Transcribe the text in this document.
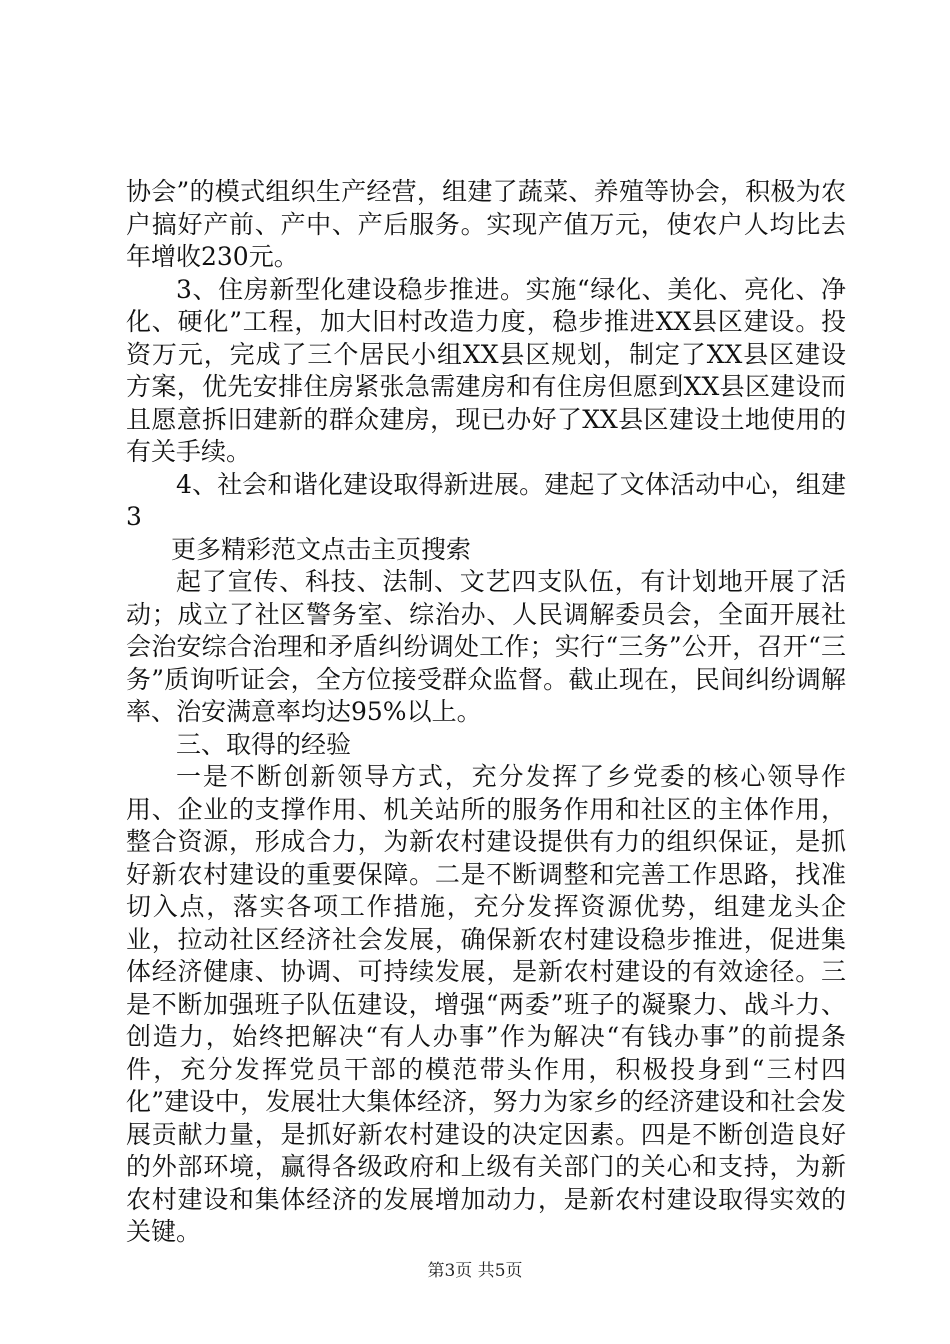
协会”的模式组织生产经营，组建了蔬菜、养殖等协会，积极为农户搞好产前、产中、产后服务。实现产值万元，使农户人均比去年增收230元。

3、住房新型化建设稳步推进。实施“绿化、美化、亮化、净化、硬化”工程，加大旧村改造力度，稳步推进XX县区建设。投资万元，完成了三个居民小组XX县区规划，制定了XX县区建设方案，优先安排住房紧张急需建房和有住房但愿到XX县区建设而且愿意拆旧建新的群众建房，现已办好了XX县区建设土地使用的有关手续。

4、社会和谐化建设取得新进展。建起了文体活动中心，组建3

更多精彩范文点击主页搜索

起了宣传、科技、法制、文艺四支队伍，有计划地开展了活动；成立了社区警务室、综治办、人民调解委员会，全面开展社会治安综合治理和矛盾纠纷调处工作；实行“三务”公开，召开“三务”质询听证会，全方位接受群众监督。截止现在，民间纠纷调解率、治安满意率均达95%以上。

三、取得的经验

一是不断创新领导方式，充分发挥了乡党委的核心领导作用、企业的支撑作用、机关站所的服务作用和社区的主体作用，整合资源，形成合力，为新农村建设提供有力的组织保证，是抓好新农村建设的重要保障。二是不断调整和完善工作思路，找准切入点，落实各项工作措施，充分发挥资源优势，组建龙头企业，拉动社区经济社会发展，确保新农村建设稳步推进，促进集体经济健康、协调、可持续发展，是新农村建设的有效途径。三是不断加强班子队伍建设，增强“两委”班子的凝聚力、战斗力、创造力，始终把解决“有人办事”作为解决“有钱办事”的前提条件，充分发挥党员干部的模范带头作用，积极投身到“三村四化”建设中，发展壮大集体经济，努力为家乡的经济建设和社会发展贡献力量，是抓好新农村建设的决定因素。四是不断创造良好的外部环境，赢得各级政府和上级有关部门的关心和支持，为新农村建设和集体经济的发展增加动力，是新农村建设取得实效的关键。

第3页 共5页
